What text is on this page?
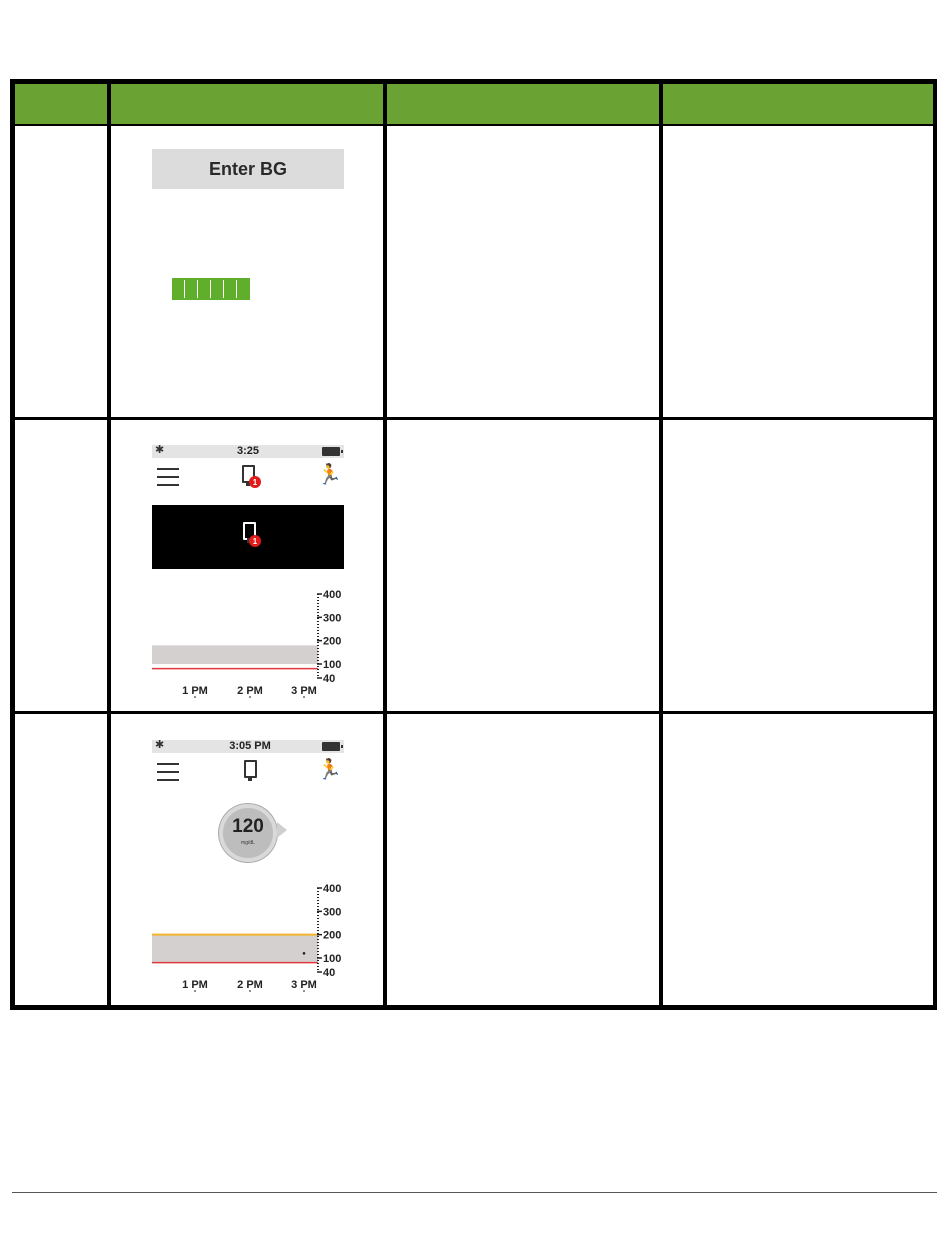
Enter BG
✱	3:25
1	🏃
1
400
300
200
100
40
1 PM	2 PM	3 PM
✱	3:05 PM
🏃
120
mg/dL
400
300
200
100
40
1 PM	2 PM	3 PM
